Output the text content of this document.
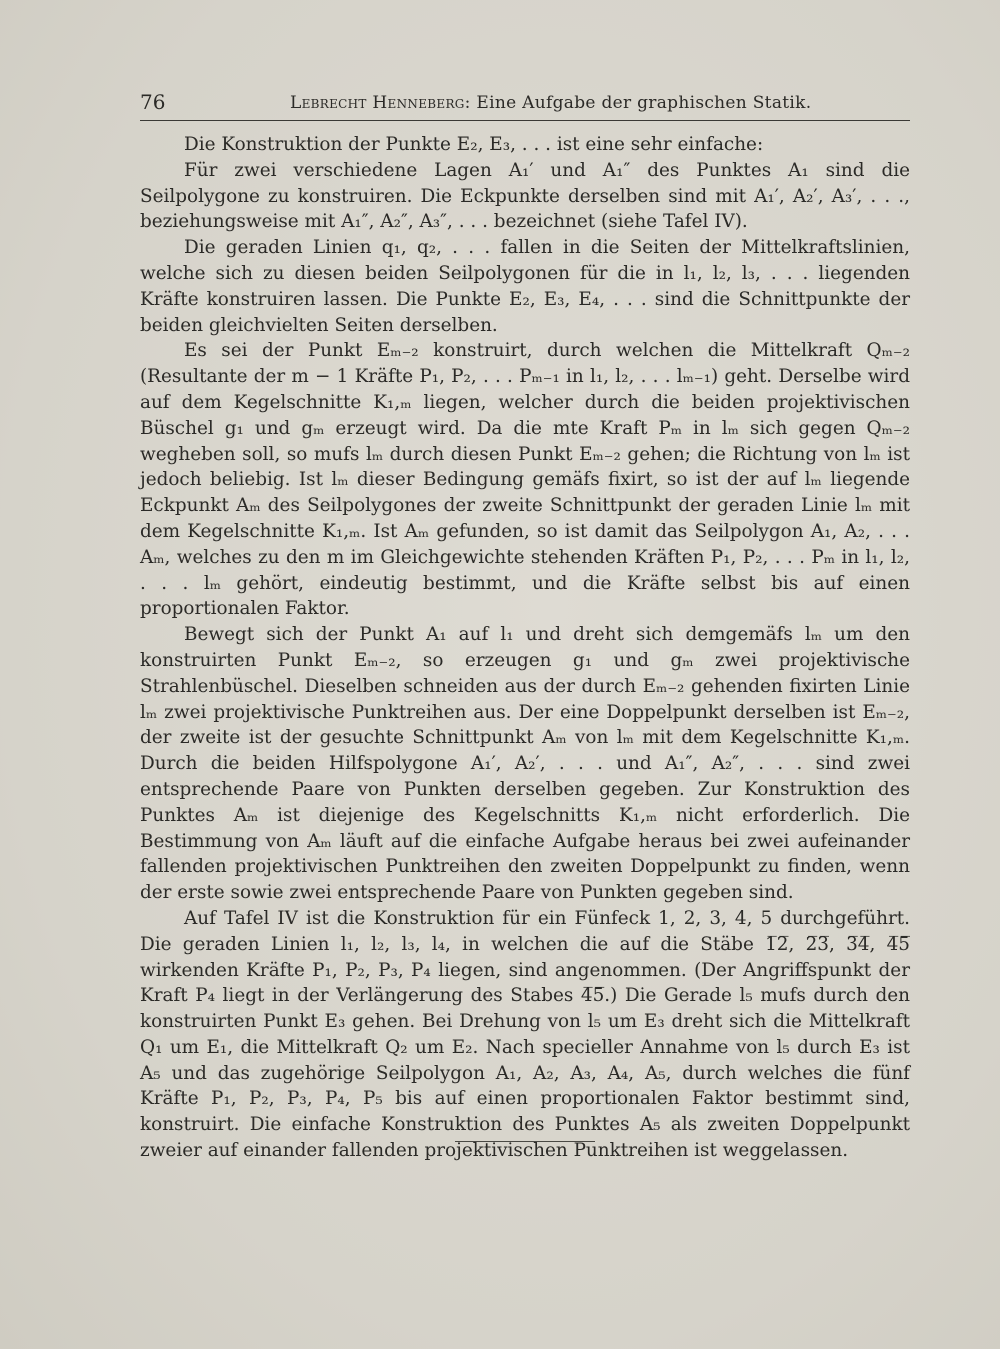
76	Lebrecht Henneberg: Eine Aufgabe der graphischen Statik.

Die Konstruktion der Punkte E₂, E₃, . . . ist eine sehr einfache:

Für zwei verschiedene Lagen A₁′ und A₁″ des Punktes A₁ sind die Seilpolygone zu konstruiren. Die Eckpunkte derselben sind mit A₁′, A₂′, A₃′, . . ., beziehungsweise mit A₁″, A₂″, A₃″, . . . bezeichnet (siehe Tafel IV).

Die geraden Linien q₁, q₂, . . . fallen in die Seiten der Mittelkraftslinien, welche sich zu diesen beiden Seilpolygonen für die in l₁, l₂, l₃, . . . liegenden Kräfte konstruiren lassen. Die Punkte E₂, E₃, E₄, . . . sind die Schnittpunkte der beiden gleichvielten Seiten derselben.

Es sei der Punkt Eₘ₋₂ konstruirt, durch welchen die Mittelkraft Qₘ₋₂ (Resultante der m − 1 Kräfte P₁, P₂, . . . Pₘ₋₁ in l₁, l₂, . . . lₘ₋₁) geht. Derselbe wird auf dem Kegelschnitte K₁,ₘ liegen, welcher durch die beiden projektivischen Büschel g₁ und gₘ erzeugt wird. Da die mte Kraft Pₘ in lₘ sich gegen Qₘ₋₂ wegheben soll, so mufs lₘ durch diesen Punkt Eₘ₋₂ gehen; die Richtung von lₘ ist jedoch beliebig. Ist lₘ dieser Bedingung gemäfs fixirt, so ist der auf lₘ liegende Eckpunkt Aₘ des Seilpolygones der zweite Schnittpunkt der geraden Linie lₘ mit dem Kegelschnitte K₁,ₘ. Ist Aₘ gefunden, so ist damit das Seilpolygon A₁, A₂, . . . Aₘ, welches zu den m im Gleichgewichte stehenden Kräften P₁, P₂, . . . Pₘ in l₁, l₂, . . . lₘ gehört, eindeutig bestimmt, und die Kräfte selbst bis auf einen proportionalen Faktor.

Bewegt sich der Punkt A₁ auf l₁ und dreht sich demgemäfs lₘ um den konstruirten Punkt Eₘ₋₂, so erzeugen g₁ und gₘ zwei projektivische Strahlenbüschel. Dieselben schneiden aus der durch Eₘ₋₂ gehenden fixirten Linie lₘ zwei projektivische Punktreihen aus. Der eine Doppelpunkt derselben ist Eₘ₋₂, der zweite ist der gesuchte Schnittpunkt Aₘ von lₘ mit dem Kegelschnitte K₁,ₘ. Durch die beiden Hilfspolygone A₁′, A₂′, . . . und A₁″, A₂″, . . . sind zwei entsprechende Paare von Punkten derselben gegeben. Zur Konstruktion des Punktes Aₘ ist diejenige des Kegelschnitts K₁,ₘ nicht erforderlich. Die Bestimmung von Aₘ läuft auf die einfache Aufgabe heraus bei zwei aufeinander fallenden projektivischen Punktreihen den zweiten Doppelpunkt zu finden, wenn der erste sowie zwei entsprechende Paare von Punkten gegeben sind.

Auf Tafel IV ist die Konstruktion für ein Fünfeck 1, 2, 3, 4, 5 durchgeführt. Die geraden Linien l₁, l₂, l₃, l₄, in welchen die auf die Stäbe 1̅2̅, 2̅3̅, 3̅4̅, 4̅5̅ wirkenden Kräfte P₁, P₂, P₃, P₄ liegen, sind angenommen. (Der Angriffspunkt der Kraft P₄ liegt in der Verlängerung des Stabes 4̅5̅.) Die Gerade l₅ mufs durch den konstruirten Punkt E₃ gehen. Bei Drehung von l₅ um E₃ dreht sich die Mittelkraft Q₁ um E₁, die Mittelkraft Q₂ um E₂. Nach specieller Annahme von l₅ durch E₃ ist A₅ und das zugehörige Seilpolygon A₁, A₂, A₃, A₄, A₅, durch welches die fünf Kräfte P₁, P₂, P₃, P₄, P₅ bis auf einen proportionalen Faktor bestimmt sind, konstruirt. Die einfache Konstruktion des Punktes A₅ als zweiten Doppelpunkt zweier auf einander fallenden projektivischen Punktreihen ist weggelassen.
